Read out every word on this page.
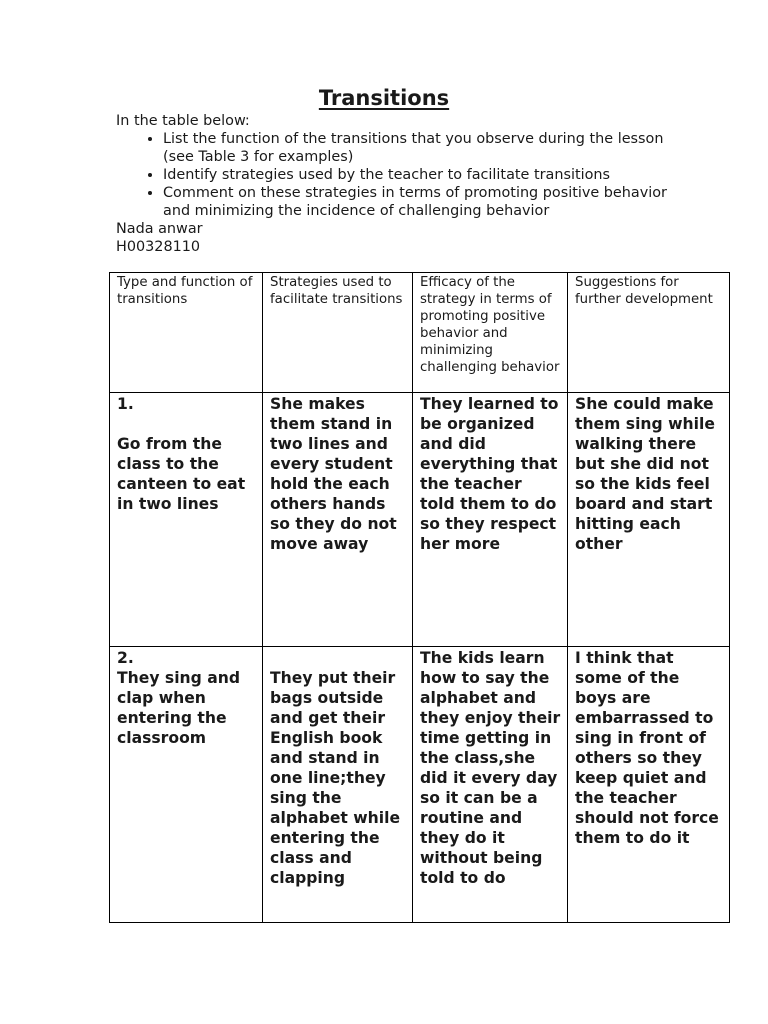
Transitions

In the table below:

• List the function of the transitions that you observe during the lesson (see Table 3 for examples)
• Identify strategies used by the teacher to facilitate transitions
• Comment on these strategies in terms of promoting positive behavior and minimizing the incidence of challenging behavior

Nada anwar

H00328110

Type and function of transitions	Strategies used to facilitate transitions	Efficacy of the strategy in terms of promoting positive behavior and minimizing challenging behavior	Suggestions for further development

1.
Go from the class to the canteen to eat in two lines	She makes them stand in two lines and every student hold the each others hands so they do not move away	They learned to be organized and did everything that the teacher told them to do so they respect her more	She could make them sing while walking there but she did not so the kids feel board and start hitting each other

2.
They sing and clap when entering the classroom	They put their bags outside and get their English book and stand in one line;they sing the alphabet while entering the class and clapping	The kids learn how to say the alphabet and they enjoy their time getting in the class,she did it every day so it can be a routine and they do it without being told to do	I think that some of the boys are embarrassed to sing in front of others so they keep quiet and the teacher should not force them to do it
